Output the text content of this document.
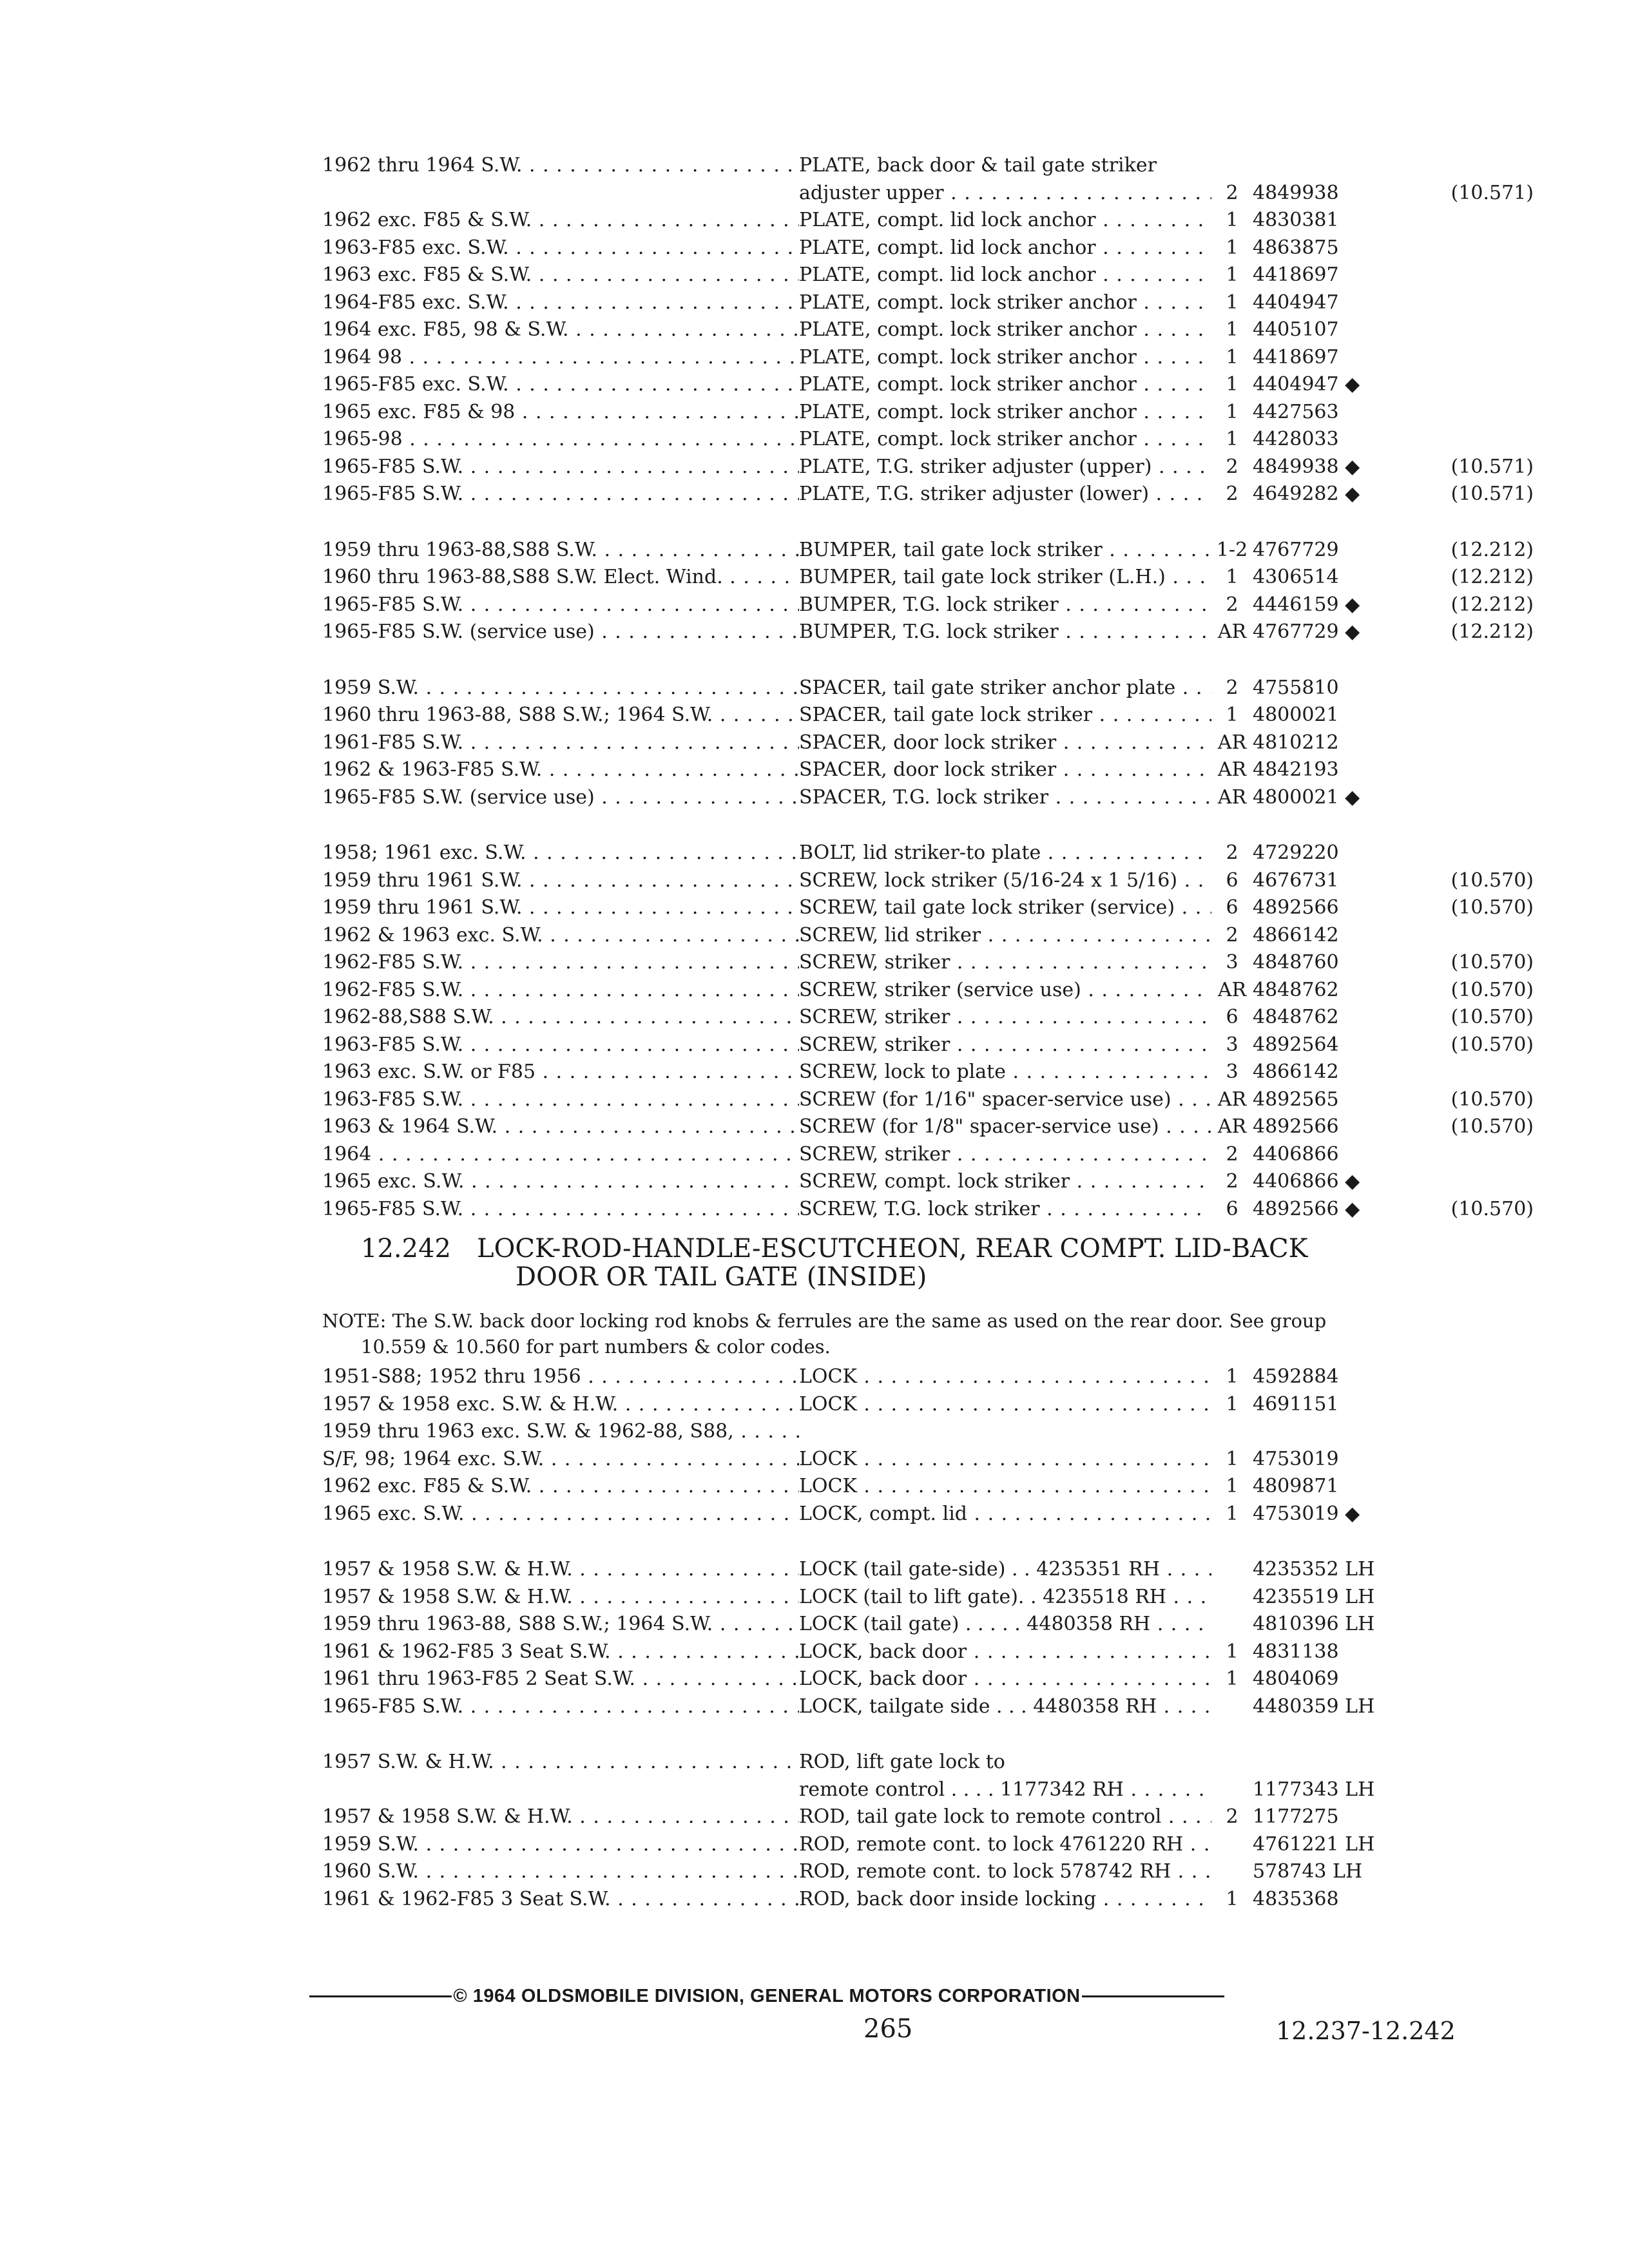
1962 thru 1964 S.W. . . .	PLATE, back door & tail gate striker
adjuster upper . . .	2 4849938	(10.571)
1962 exc. F85 & S.W. . . .	PLATE, compt. lid lock anchor . . .	1 4830381
1963-F85 exc. S.W. . . .	PLATE, compt. lid lock anchor . . .	1 4863875
1963 exc. F85 & S.W. . . .	PLATE, compt. lid lock anchor . . .	1 4418697
1964-F85 exc. S.W. . . .	PLATE, compt. lock striker anchor . . .	1 4404947
1964 exc. F85, 98 & S.W. . . .	PLATE, compt. lock striker anchor . . .	1 4405107
1964 98 . . .	PLATE, compt. lock striker anchor . . .	1 4418697
1965-F85 exc. S.W. . . .	PLATE, compt. lock striker anchor . . .	1 4404947 ◆
1965 exc. F85 & 98 . . .	PLATE, compt. lock striker anchor . . .	1 4427563
1965-98 . . .	PLATE, compt. lock striker anchor . . .	1 4428033
1965-F85 S.W. . . .	PLATE, T.G. striker adjuster (upper) . . .	2 4849938 ◆	(10.571)
1965-F85 S.W. . . .	PLATE, T.G. striker adjuster (lower) . . .	2 4649282 ◆	(10.571)
1959 thru 1963-88,S88 S.W. . . .	BUMPER, tail gate lock striker . . .	1-2 4767729	(12.212)
1960 thru 1963-88,S88 S.W. Elect. Wind. . . .	BUMPER, tail gate lock striker (L.H.) . . .	1 4306514	(12.212)
1965-F85 S.W. . . .	BUMPER, T.G. lock striker . . .	2 4446159 ◆	(12.212)
1965-F85 S.W. (service use) . . .	BUMPER, T.G. lock striker . . .	AR 4767729 ◆	(12.212)
1959 S.W. . . .	SPACER, tail gate striker anchor plate . . .	2 4755810
1960 thru 1963-88, S88 S.W.; 1964 S.W. . . .	SPACER, tail gate lock striker . . .	1 4800021
1961-F85 S.W. . . .	SPACER, door lock striker . . .	AR 4810212
1962 & 1963-F85 S.W. . . .	SPACER, door lock striker . . .	AR 4842193
1965-F85 S.W. (service use) . . .	SPACER, T.G. lock striker . . .	AR 4800021 ◆
1958; 1961 exc. S.W. . . .	BOLT, lid striker-to plate . . .	2 4729220
1959 thru 1961 S.W. . . .	SCREW, lock striker (5/16-24 x 1 5/16) . . .	6 4676731	(10.570)
1959 thru 1961 S.W. . . .	SCREW, tail gate lock striker (service) . . .	6 4892566	(10.570)
1962 & 1963 exc. S.W. . . .	SCREW, lid striker . . .	2 4866142
1962-F85 S.W. . . .	SCREW, striker . . .	3 4848760	(10.570)
1962-F85 S.W. . . .	SCREW, striker (service use) . . .	AR 4848762	(10.570)
1962-88,S88 S.W. . . .	SCREW, striker . . .	6 4848762	(10.570)
1963-F85 S.W. . . .	SCREW, striker . . .	3 4892564	(10.570)
1963 exc. S.W. or F85 . . .	SCREW, lock to plate . . .	3 4866142
1963-F85 S.W. . . .	SCREW (for 1/16" spacer-service use) . . .	AR 4892565	(10.570)
1963 & 1964 S.W. . . .	SCREW (for 1/8" spacer-service use) . . .	AR 4892566	(10.570)
1964 . . .	SCREW, striker . . .	2 4406866
1965 exc. S.W. . . .	SCREW, compt. lock striker . . .	2 4406866 ◆
1965-F85 S.W. . . .	SCREW, T.G. lock striker . . .	6 4892566 ◆	(10.570)
12.242 LOCK-ROD-HANDLE-ESCUTCHEON, REAR COMPT. LID-BACK
DOOR OR TAIL GATE (INSIDE)
NOTE: The S.W. back door locking rod knobs & ferrules are the same as used on the rear door. See group
10.559 & 10.560 for part numbers & color codes.
1951-S88; 1952 thru 1956 . . .	LOCK . . .	1 4592884
1957 & 1958 exc. S.W. & H.W. . . .	LOCK . . .	1 4691151
1959 thru 1963 exc. S.W. & 1962-88, S88, . . .
S/F, 98; 1964 exc. S.W. . . .	LOCK . . .	1 4753019
1962 exc. F85 & S.W. . . .	LOCK . . .	1 4809871
1965 exc. S.W. . . .	LOCK, compt. lid . . .	1 4753019 ◆
1957 & 1958 S.W. & H.W. . . .	LOCK (tail gate-side) . . 4235351 RH . . .	4235352 LH
1957 & 1958 S.W. & H.W. . . .	LOCK (tail to lift gate). . 4235518 RH . . .	4235519 LH
1959 thru 1963-88, S88 S.W.; 1964 S.W. . . .	LOCK (tail gate) . . . . . 4480358 RH . . .	4810396 LH
1961 & 1962-F85 3 Seat S.W. . . .	LOCK, back door . . .	1 4831138
1961 thru 1963-F85 2 Seat S.W. . . .	LOCK, back door . . .	1 4804069
1965-F85 S.W. . . .	LOCK, tailgate side . . . 4480358 RH . . .	4480359 LH
1957 S.W. & H.W. . . .	ROD, lift gate lock to
remote control . . . . 1177342 RH . . .	1177343 LH
1957 & 1958 S.W. & H.W. . . .	ROD, tail gate lock to remote control . . .	2 1177275
1959 S.W. . . .	ROD, remote cont. to lock 4761220 RH . . .	4761221 LH
1960 S.W. . . .	ROD, remote cont. to lock 578742 RH . . .	578743 LH
1961 & 1962-F85 3 Seat S.W. . . .	ROD, back door inside locking . . .	1 4835368
© 1964 OLDSMOBILE DIVISION, GENERAL MOTORS CORPORATION
265	12.237-12.242
